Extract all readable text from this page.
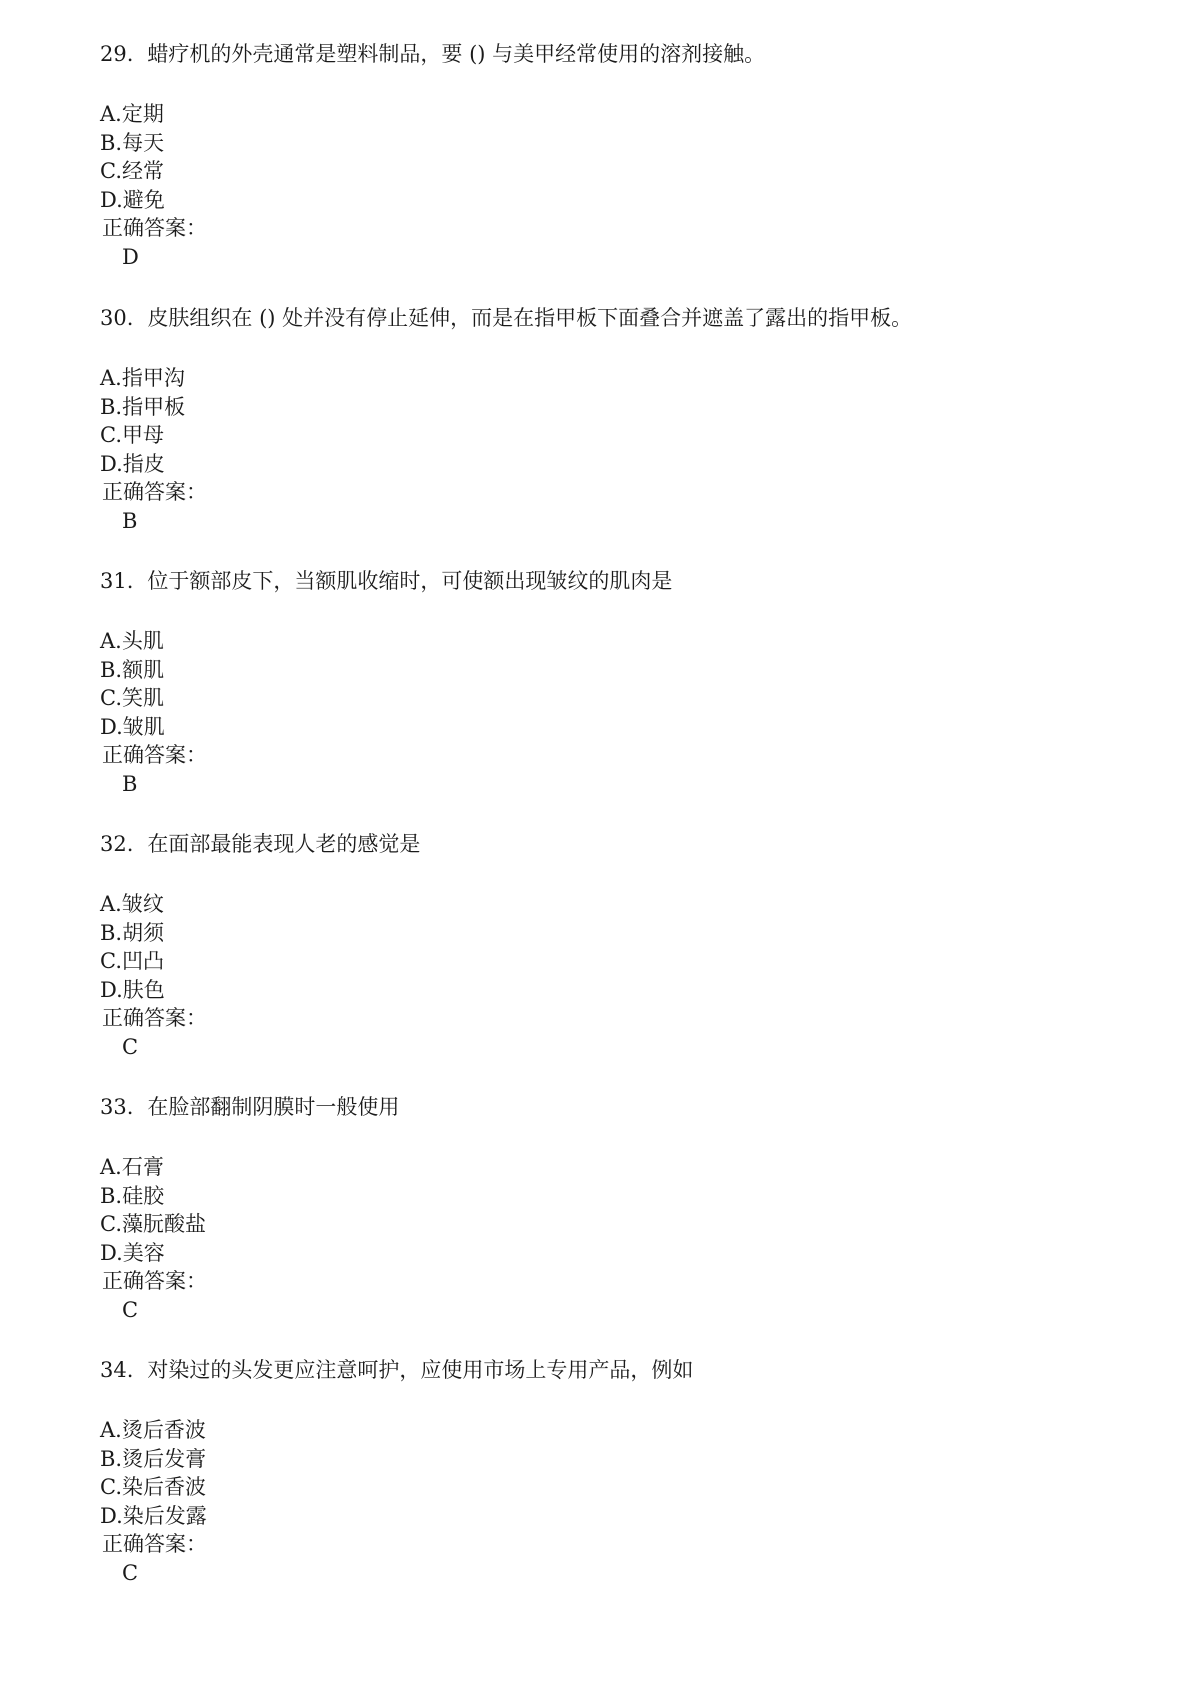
29. 蜡疗机的外壳通常是塑料制品，要 () 与美甲经常使用的溶剂接触。
A.定期
B.每天
C.经常
D.避免
正确答案：
D
30. 皮肤组织在 () 处并没有停止延伸，而是在指甲板下面叠合并遮盖了露出的指甲板。
A.指甲沟
B.指甲板
C.甲母
D.指皮
正确答案：
B
31. 位于额部皮下，当额肌收缩时，可使额出现皱纹的肌肉是
A.头肌
B.额肌
C.笑肌
D.皱肌
正确答案：
B
32. 在面部最能表现人老的感觉是
A.皱纹
B.胡须
C.凹凸
D.肤色
正确答案：
C
33. 在脸部翻制阴膜时一般使用
A.石膏
B.硅胶
C.藻朊酸盐
D.美容
正确答案：
C
34. 对染过的头发更应注意呵护，应使用市场上专用产品，例如
A.烫后香波
B.烫后发膏
C.染后香波
D.染后发露
正确答案：
C
